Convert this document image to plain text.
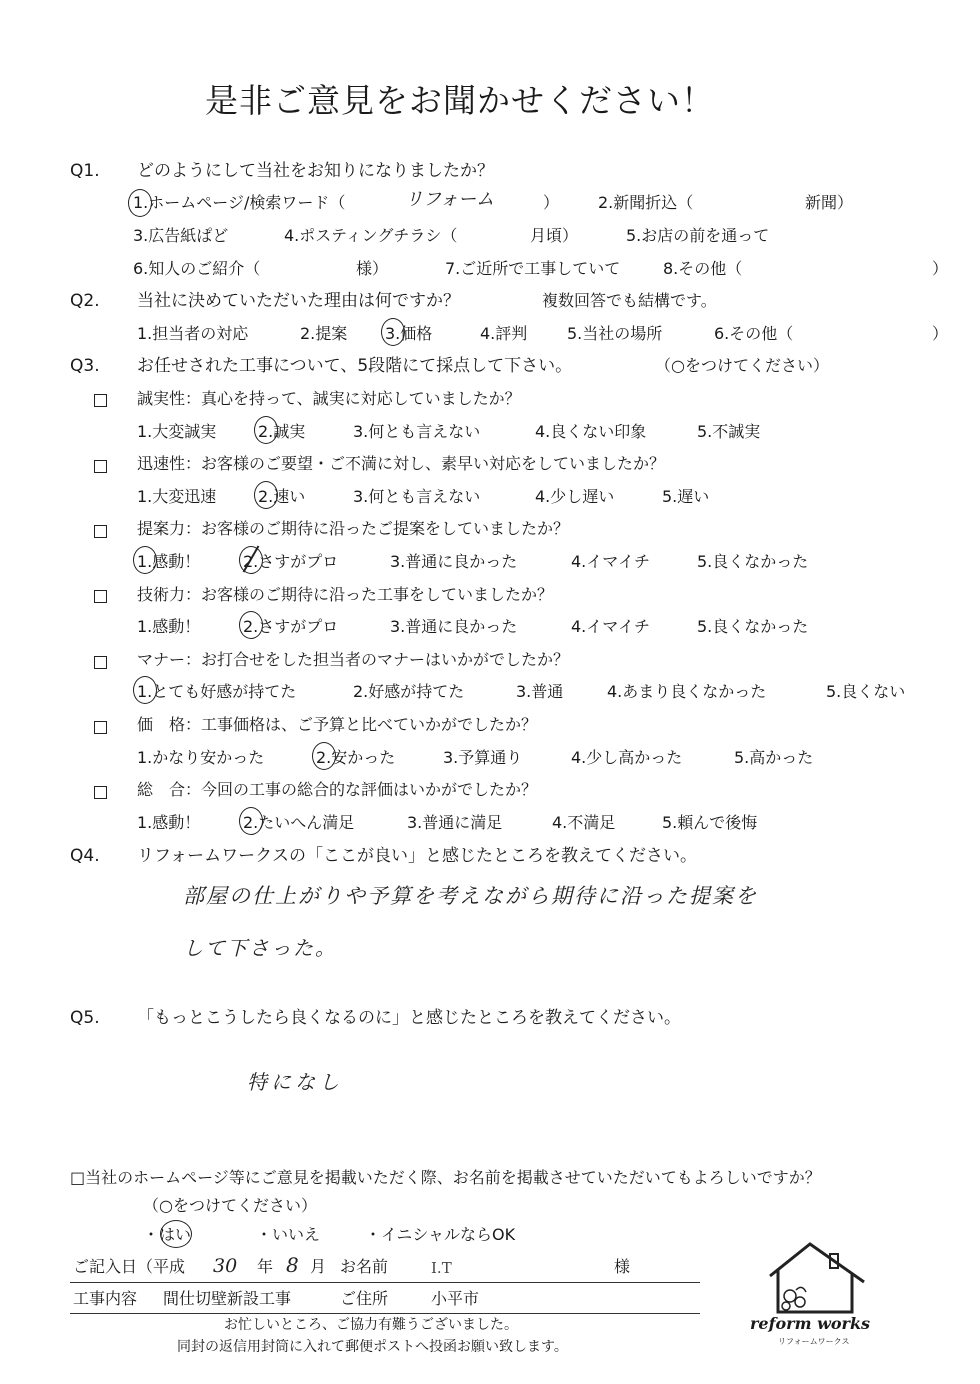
是非ご意見をお聞かせください！
Q1. どのようにして当社をお知りになりましたか？
1.ホームページ/検索ワード（	リフォーム	） 2.新聞折込（	新聞）
3.広告紙ぱど	4.ポスティングチラシ（	月頃）	5.お店の前を通って
6.知人のご紹介（	様）	7.ご近所で工事していて	8.その他（	）
Q2. 当社に決めていただいた理由は何ですか？	複数回答でも結構です。
1.担当者の対応	2.提案 3.価格	4.評判 5.当社の場所	6.その他（	）
Q3. お任せされた工事について、5段階にて採点して下さい。	（○をつけてください）
誠実性：真心を持って、誠実に対応していましたか？
1.大変誠実	2.誠実	3.何とも言えない	4.良くない印象	5.不誠実
迅速性：お客様のご要望・ご不満に対し、素早い対応をしていましたか？
1.大変迅速	2.速い	3.何とも言えない	4.少し遅い	5.遅い
提案力：お客様のご期待に沿ったご提案をしていましたか？
1.感動！	2.さすがプロ	3.普通に良かった	4.イマイチ	5.良くなかった
技術力：お客様のご期待に沿った工事をしていましたか？
1.感動！	2.さすがプロ	3.普通に良かった	4.イマイチ	5.良くなかった
マナー：お打合せをした担当者のマナーはいかがでしたか？
1.とても好感が持てた	2.好感が持てた	3.普通	4.あまり良くなかった	5.良くない
価　格：工事価格は、ご予算と比べていかがでしたか？
1.かなり安かった	2.安かった	3.予算通り	4.少し高かった	5.高かった
総　合：今回の工事の総合的な評価はいかがでしたか？
1.感動！	2.たいへん満足	3.普通に満足	4.不満足	5.頼んで後悔
Q4. リフォームワークスの「ここが良い」と感じたところを教えてください。
部屋の仕上がりや予算を考えながら期待に沿った提案を
して下さった。
Q5. 「もっとこうしたら良くなるのに」と感じたところを教えてください。
特になし
□当社のホームページ等にご意見を掲載いただく際、お名前を掲載させていただいてもよろしいですか？
（○をつけてください）
・はい	・いいえ	・イニシャルならOK
ご記入日（平成 30 年 8 月 お名前	I.T	様
工事内容 間仕切壁新設工事	ご住所	小平市
お忙しいところ、ご協力有難うございました。
同封の返信用封筒に入れて郵便ポストへ投函お願い致します。
reform works
リフォームワークス
